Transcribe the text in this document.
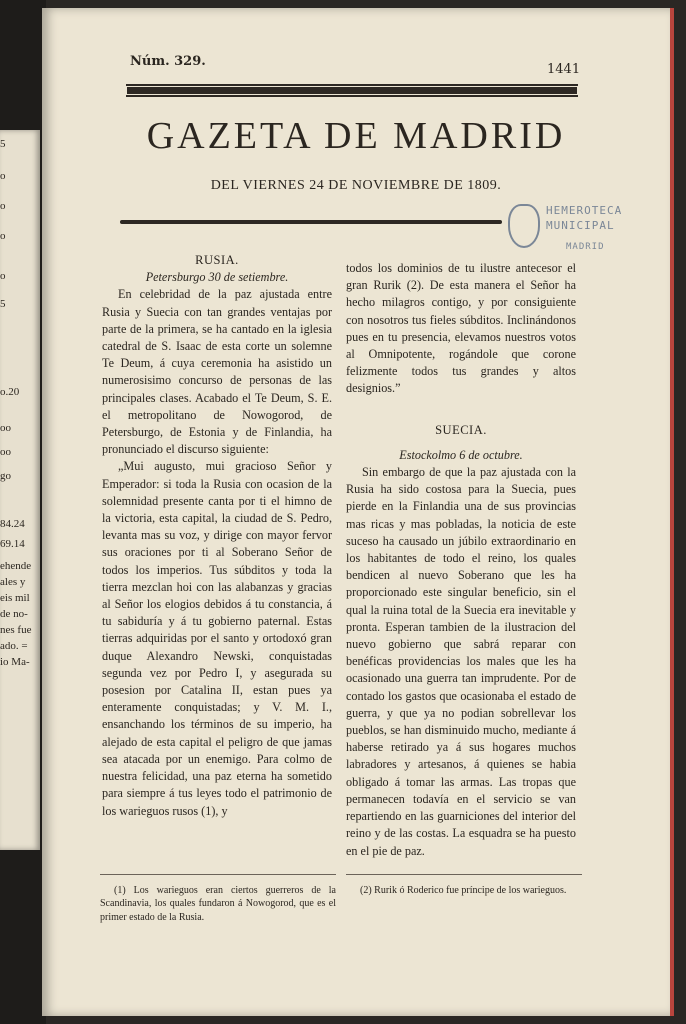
5
o
o
o
o
5
o.20
oo
oo
go
84.24
69.14
ehende
ales y
eis mil
de no-
nes fue
ado. =
io Ma-
Núm. 329.
1441
GAZETA DE MADRID
DEL VIERNES 24 DE NOVIEMBRE DE 1809.
HEMEROTECA
MUNICIPAL
MADRID

RUSIA.

Petersburgo 30 de setiembre.

En celebridad de la paz ajustada entre Rusia y Suecia con tan grandes ventajas por parte de la primera, se ha cantado en la iglesia catedral de S. Isaac de esta corte un solemne Te Deum, á cuya ceremonia ha asistido un numerosisimo concurso de personas de las principales clases. Acabado el Te Deum, S. E. el metropolitano de Nowogorod, de Petersburgo, de Estonia y de Finlandia, ha pronunciado el discurso siguiente:

„Mui augusto, mui gracioso Señor y Emperador: si toda la Rusia con ocasion de la solemnidad presente canta por ti el himno de la victoria, esta capital, la ciudad de S. Pedro, levanta mas su voz, y dirige con mayor fervor sus oraciones por ti al Soberano Señor de todos los imperios. Tus súbditos y toda la tierra mezclan hoi con las alabanzas y gracias al Señor los elogios debidos á tu constancia, á tu sabiduría y á tu gobierno paternal. Estas tierras adquiridas por el santo y ortodoxó gran duque Alexandro Newski, conquistadas segunda vez por Pedro I, y asegurada su posesion por Catalina II, estan pues ya enteramente conquistadas; y V. M. I., ensanchando los términos de su imperio, ha alejado de esta capital el peligro de que jamas sea atacada por un enemigo. Para colmo de nuestra felicidad, una paz eterna ha sometido para siempre á tus leyes todo el patrimonio de los warieguos rusos (1), y

todos los dominios de tu ilustre antecesor el gran Rurik (2). De esta manera el Señor ha hecho milagros contigo, y por consiguiente con nosotros tus fieles súbditos. Inclinándonos pues en tu presencia, elevamos nuestros votos al Omnipotente, rogándole que corone felizmente todos tus grandes y altos designios.”

SUECIA.

Estockolmo 6 de octubre.

Sin embargo de que la paz ajustada con la Rusia ha sido costosa para la Suecia, pues pierde en la Finlandia una de sus provincias mas ricas y mas pobladas, la noticia de este suceso ha causado un júbilo extraordinario en los habitantes de todo el reino, los quales bendicen al nuevo Soberano que les ha proporcionado este singular beneficio, sin el qual la ruina total de la Suecia era inevitable y pronta. Esperan tambien de la ilustracion del nuevo gobierno que sabrá reparar con benéficas providencias los males que les ha ocasionado una guerra tan imprudente. Por de contado los gastos que ocasionaba el estado de guerra, y que ya no podian sobrellevar los pueblos, se han disminuido mucho, mediante á haberse retirado ya á sus hogares muchos labradores y artesanos, á quienes se habia obligado á tomar las armas. Las tropas que permanecen todavía en el servicio se van repartiendo en las guarniciones del interior del reino y de las costas. La esquadra se ha puesto en el pie de paz.

(1) Los warieguos eran ciertos guerreros de la Scandinavia, los quales fundaron á Nowogorod, que es el primer estado de la Rusia.

(2) Rurik ó Roderico fue príncipe de los warieguos.
